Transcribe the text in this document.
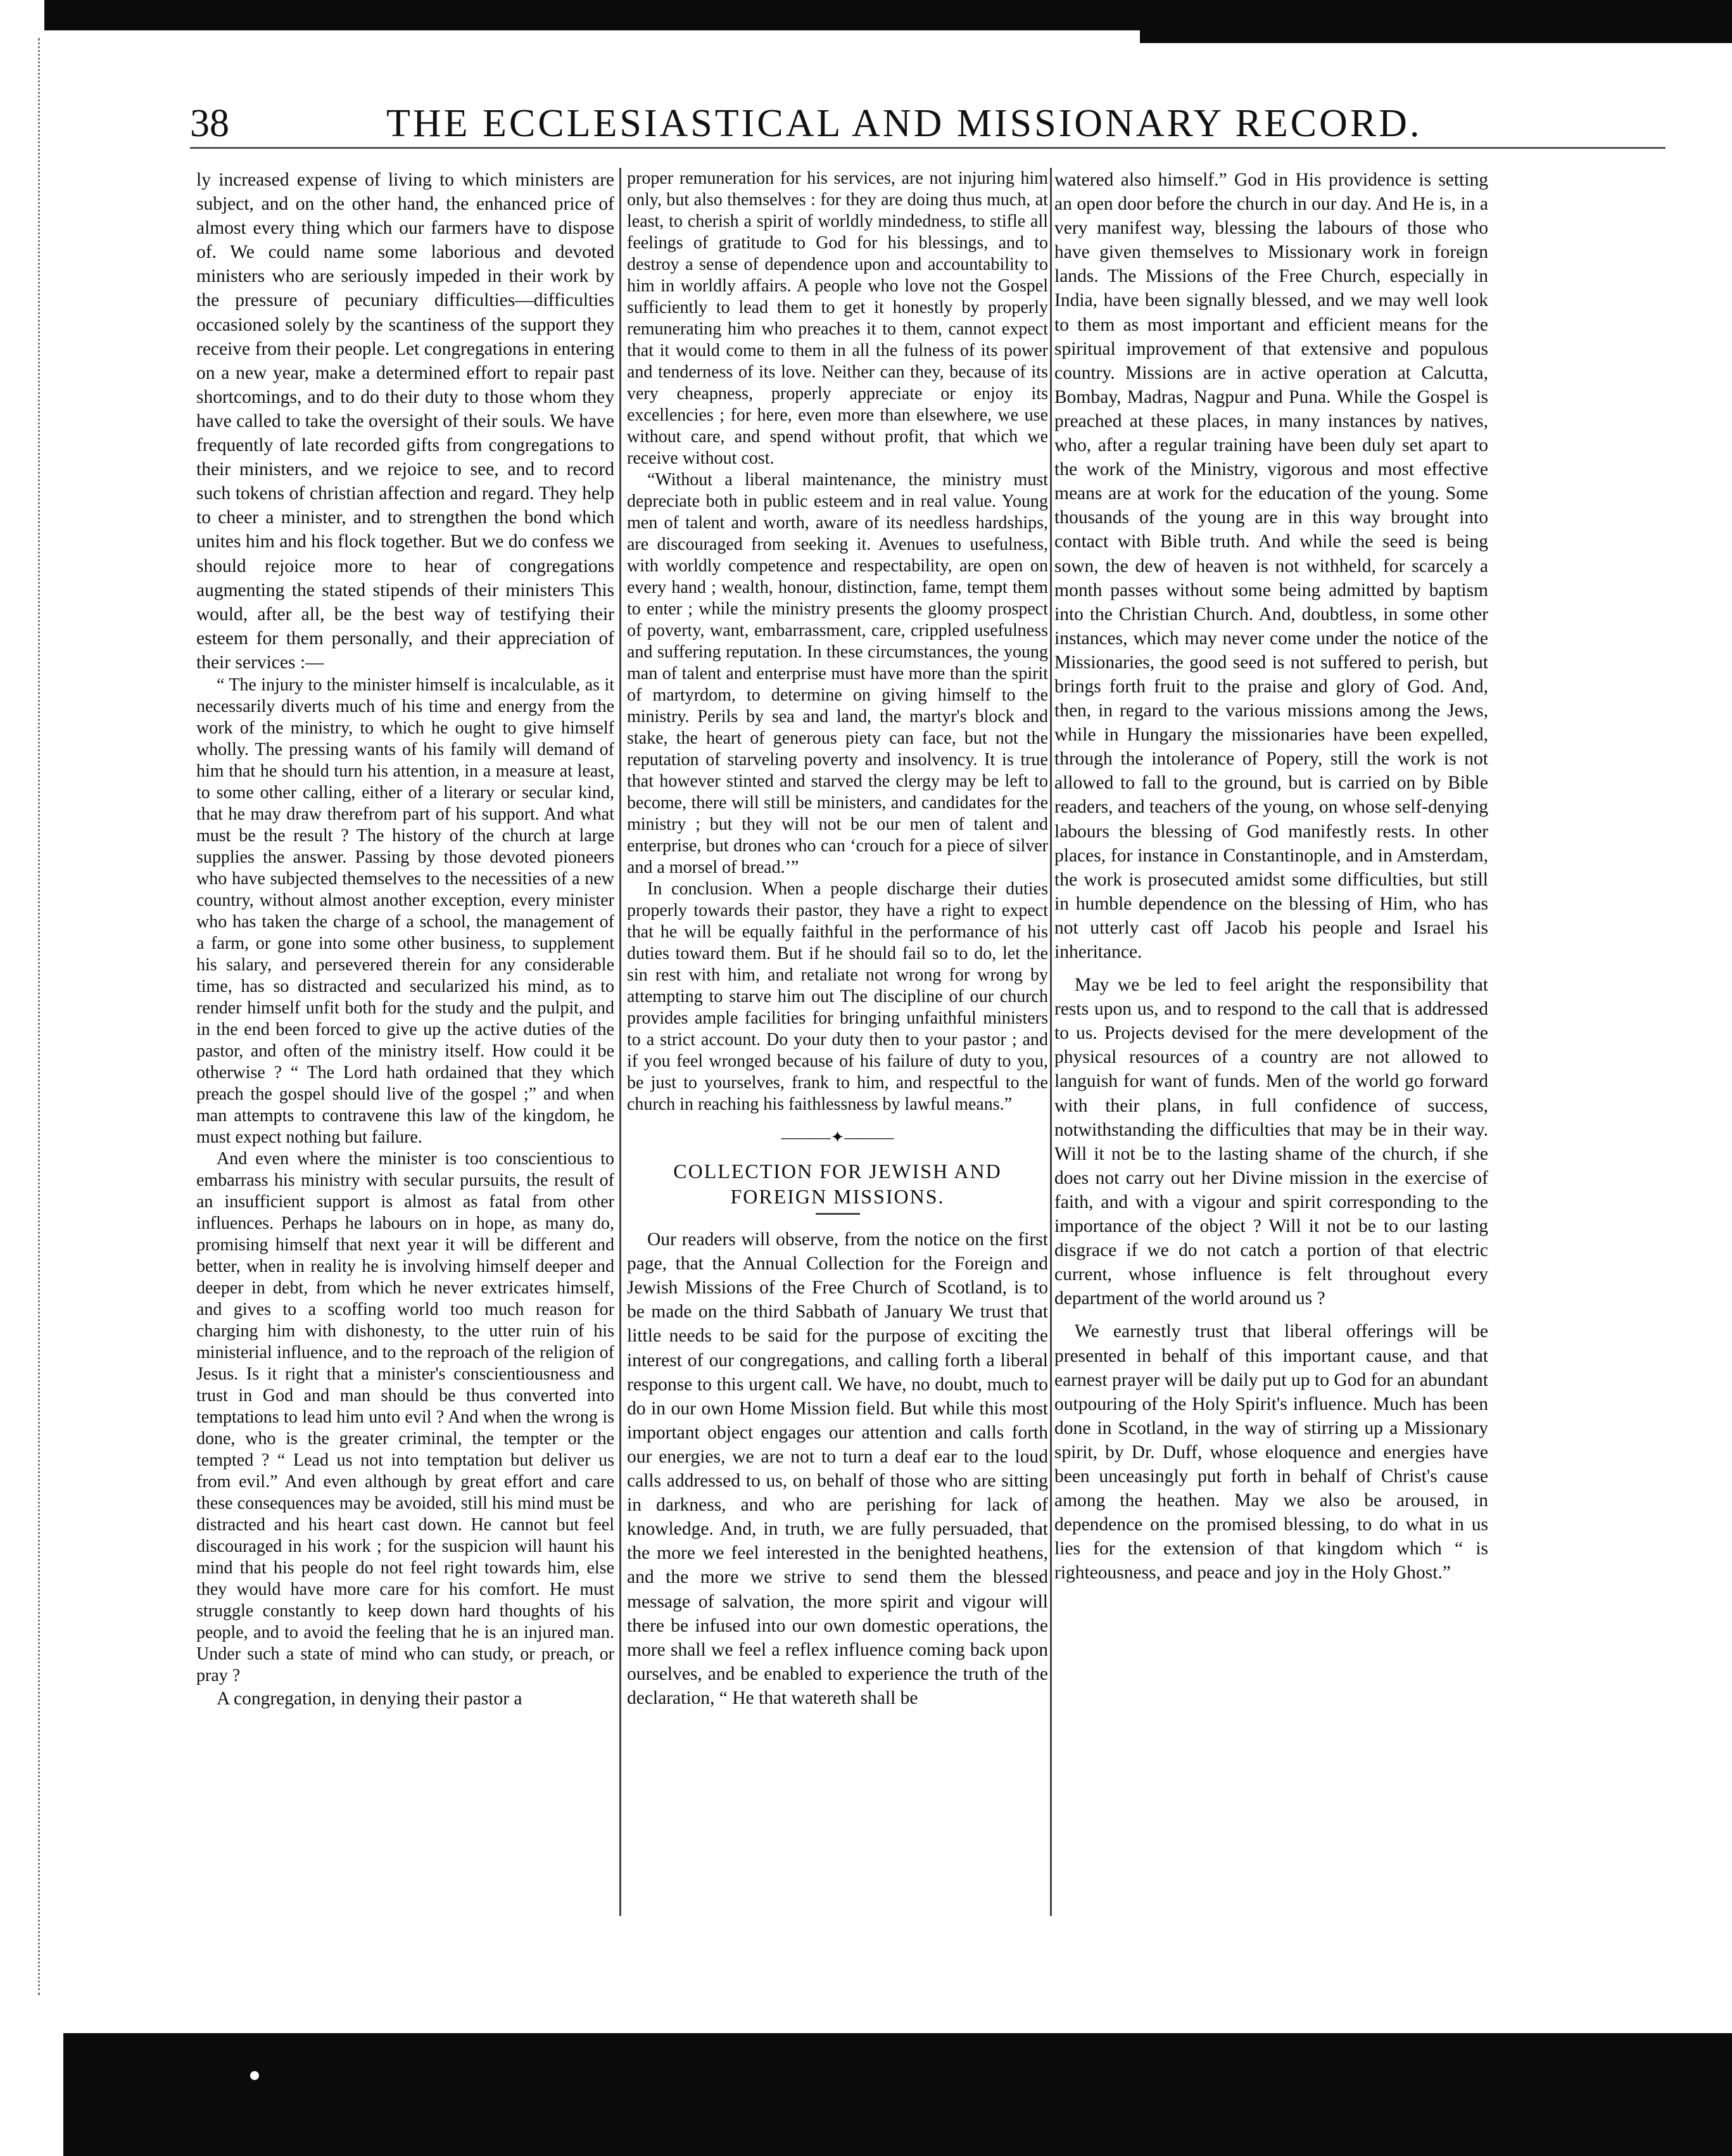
38	THE ECCLESIASTICAL AND MISSIONARY RECORD.

ly increased expense of living to which ministers are subject, and on the other hand, the enhanced price of almost every thing which our farmers have to dispose of. We could name some laborious and devoted ministers who are seriously impeded in their work by the pressure of pecuniary difficulties—difficulties occasioned solely by the scantiness of the support they receive from their people. Let congregations in entering on a new year, make a determined effort to repair past shortcomings, and to do their duty to those whom they have called to take the oversight of their souls. We have frequently of late recorded gifts from congregations to their ministers, and we rejoice to see, and to record such tokens of christian affection and regard. They help to cheer a minister, and to strengthen the bond which unites him and his flock together. But we do confess we should rejoice more to hear of congregations augmenting the stated stipends of their ministers This would, after all, be the best way of testifying their esteem for them personally, and their appreciation of their services :—

“ The injury to the minister himself is incalculable, as it necessarily diverts much of his time and energy from the work of the ministry, to which he ought to give himself wholly. The pressing wants of his family will demand of him that he should turn his attention, in a measure at least, to some other calling, either of a literary or secular kind, that he may draw therefrom part of his support. And what must be the result ? The history of the church at large supplies the answer. Passing by those devoted pioneers who have subjected themselves to the necessities of a new country, without almost another exception, every minister who has taken the charge of a school, the management of a farm, or gone into some other business, to supplement his salary, and persevered therein for any considerable time, has so distracted and secularized his mind, as to render himself unfit both for the study and the pulpit, and in the end been forced to give up the active duties of the pastor, and often of the ministry itself. How could it be otherwise ? “ The Lord hath ordained that they which preach the gospel should live of the gospel ;” and when man attempts to contravene this law of the kingdom, he must expect nothing but failure.

And even where the minister is too conscientious to embarrass his ministry with secular pursuits, the result of an insufficient support is almost as fatal from other influences. Perhaps he labours on in hope, as many do, promising himself that next year it will be different and better, when in reality he is involving himself deeper and deeper in debt, from which he never extricates himself, and gives to a scoffing world too much reason for charging him with dishonesty, to the utter ruin of his ministerial influence, and to the reproach of the religion of Jesus. Is it right that a minister's conscientiousness and trust in God and man should be thus converted into temptations to lead him unto evil ? And when the wrong is done, who is the greater criminal, the tempter or the tempted ? “ Lead us not into temptation but deliver us from evil.” And even although by great effort and care these consequences may be avoided, still his mind must be distracted and his heart cast down. He cannot but feel discouraged in his work ; for the suspicion will haunt his mind that his people do not feel right towards him, else they would have more care for his comfort. He must struggle constantly to keep down hard thoughts of his people, and to avoid the feeling that he is an injured man. Under such a state of mind who can study, or preach, or pray ?

A congregation, in denying their pastor a

proper remuneration for his services, are not injuring him only, but also themselves : for they are doing thus much, at least, to cherish a spirit of worldly mindedness, to stifle all feelings of gratitude to God for his blessings, and to destroy a sense of dependence upon and accountability to him in worldly affairs. A people who love not the Gospel sufficiently to lead them to get it honestly by properly remunerating him who preaches it to them, cannot expect that it would come to them in all the fulness of its power and tenderness of its love. Neither can they, because of its very cheapness, properly appreciate or enjoy its excellencies ; for here, even more than elsewhere, we use without care, and spend without profit, that which we receive without cost.

“Without a liberal maintenance, the ministry must depreciate both in public esteem and in real value. Young men of talent and worth, aware of its needless hardships, are discouraged from seeking it. Avenues to usefulness, with worldly competence and respectability, are open on every hand ; wealth, honour, distinction, fame, tempt them to enter ; while the ministry presents the gloomy prospect of poverty, want, embarrassment, care, crippled usefulness and suffering reputation. In these circumstances, the young man of talent and enterprise must have more than the spirit of martyrdom, to determine on giving himself to the ministry. Perils by sea and land, the martyr's block and stake, the heart of generous piety can face, but not the reputation of starveling poverty and insolvency. It is true that however stinted and starved the clergy may be left to become, there will still be ministers, and candidates for the ministry ; but they will not be our men of talent and enterprise, but drones who can ‘crouch for a piece of silver and a morsel of bread.’”

In conclusion. When a people discharge their duties properly towards their pastor, they have a right to expect that he will be equally faithful in the performance of his duties toward them. But if he should fail so to do, let the sin rest with him, and retaliate not wrong for wrong by attempting to starve him out The discipline of our church provides ample facilities for bringing unfaithful ministers to a strict account. Do your duty then to your pastor ; and if you feel wronged because of his failure of duty to you, be just to yourselves, frank to him, and respectful to the church in reaching his faithlessness by lawful means.”

———✦———
COLLECTION FOR JEWISH AND FOREIGN MISSIONS.

Our readers will observe, from the notice on the first page, that the Annual Collection for the Foreign and Jewish Missions of the Free Church of Scotland, is to be made on the third Sabbath of January We trust that little needs to be said for the purpose of exciting the interest of our congregations, and calling forth a liberal response to this urgent call. We have, no doubt, much to do in our own Home Mission field. But while this most important object engages our attention and calls forth our energies, we are not to turn a deaf ear to the loud calls addressed to us, on behalf of those who are sitting in darkness, and who are perishing for lack of knowledge. And, in truth, we are fully persuaded, that the more we feel interested in the benighted heathens, and the more we strive to send them the blessed message of salvation, the more spirit and vigour will there be infused into our own domestic operations, the more shall we feel a reflex influence coming back upon ourselves, and be enabled to experience the truth of the declaration, “ He that watereth shall be

watered also himself.” God in His providence is setting an open door before the church in our day. And He is, in a very manifest way, blessing the labours of those who have given themselves to Missionary work in foreign lands. The Missions of the Free Church, especially in India, have been signally blessed, and we may well look to them as most important and efficient means for the spiritual improvement of that extensive and populous country. Missions are in active operation at Calcutta, Bombay, Madras, Nagpur and Puna. While the Gospel is preached at these places, in many instances by natives, who, after a regular training have been duly set apart to the work of the Ministry, vigorous and most effective means are at work for the education of the young. Some thousands of the young are in this way brought into contact with Bible truth. And while the seed is being sown, the dew of heaven is not withheld, for scarcely a month passes without some being admitted by baptism into the Christian Church. And, doubtless, in some other instances, which may never come under the notice of the Missionaries, the good seed is not suffered to perish, but brings forth fruit to the praise and glory of God. And, then, in regard to the various missions among the Jews, while in Hungary the missionaries have been expelled, through the intolerance of Popery, still the work is not allowed to fall to the ground, but is carried on by Bible readers, and teachers of the young, on whose self-denying labours the blessing of God manifestly rests. In other places, for instance in Constantinople, and in Amsterdam, the work is prosecuted amidst some difficulties, but still in humble dependence on the blessing of Him, who has not utterly cast off Jacob his people and Israel his inheritance.

May we be led to feel aright the responsibility that rests upon us, and to respond to the call that is addressed to us. Projects devised for the mere development of the physical resources of a country are not allowed to languish for want of funds. Men of the world go forward with their plans, in full confidence of success, notwithstanding the difficulties that may be in their way. Will it not be to the lasting shame of the church, if she does not carry out her Divine mission in the exercise of faith, and with a vigour and spirit corresponding to the importance of the object ? Will it not be to our lasting disgrace if we do not catch a portion of that electric current, whose influence is felt throughout every department of the world around us ?

We earnestly trust that liberal offerings will be presented in behalf of this important cause, and that earnest prayer will be daily put up to God for an abundant outpouring of the Holy Spirit's influence. Much has been done in Scotland, in the way of stirring up a Missionary spirit, by Dr. Duff, whose eloquence and energies have been unceasingly put forth in behalf of Christ's cause among the heathen. May we also be aroused, in dependence on the promised blessing, to do what in us lies for the extension of that kingdom which “ is righteousness, and peace and joy in the Holy Ghost.”
